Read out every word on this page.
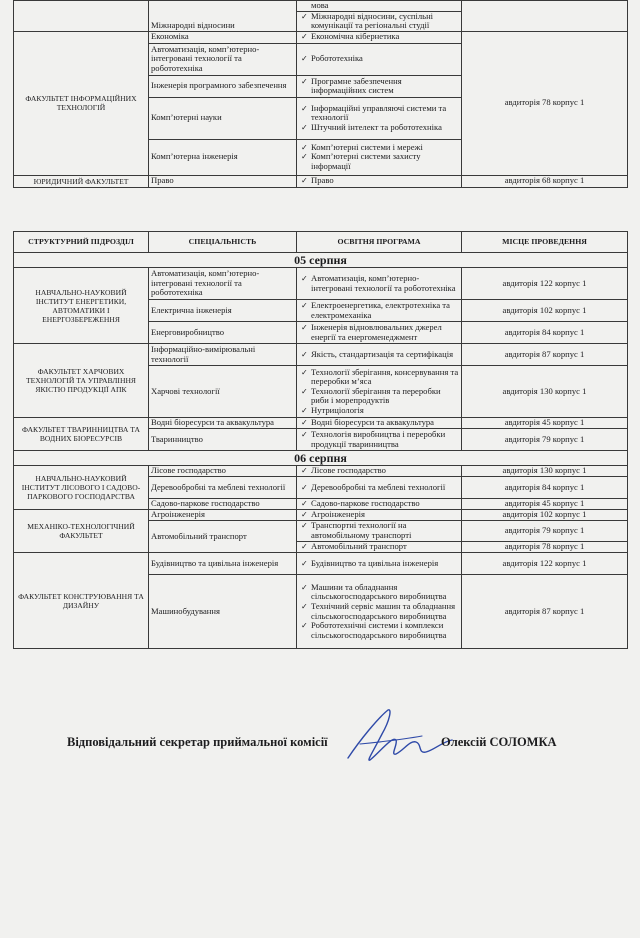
	Міжнародні відносини	мова	

		✓ Міжнародні відносини, суспільні комунікації та регіональні студії

ФАКУЛЬТЕТ ІНФОРМАЦІЙНИХ ТЕХНОЛОГІЙ	Економіка	✓ Економічна кібернетика	авдиторія 78 корпус 1
	Автоматизація, комп’ютерно-інтегровані технології та робототехніка	✓ Робототехніка

	Інженерія програмного забезпечення	✓ Програмне забезпечення інформаційних систем

	Комп’ютерні науки	✓ Інформаційні управляючі системи та технології
✓ Штучний інтелект та робототехніка

	Комп’ютерна інженерія	✓ Комп’ютерні системи і мережі
✓ Комп’ютерні системи захисту інформації

ЮРИДИЧНИЙ ФАКУЛЬТЕТ	Право	✓ Право	авдиторія 68 корпус 1
СТРУКТУРНИЙ ПІДРОЗДІЛ	СПЕЦІАЛЬНІСТЬ	ОСВІТНЯ ПРОГРАМА	МІСЦЕ ПРОВЕДЕННЯ
05 серпня			
НАВЧАЛЬНО-НАУКОВИЙ ІНСТИТУТ ЕНЕРГЕТИКИ, АВТОМАТИКИ І ЕНЕРГОЗБЕРЕЖЕННЯ	Автоматизація, комп’ютерно-інтегровані технології та робототехніка	✓ Автоматизація, комп’ютерно-інтегровані технології та робототехніка	авдиторія 122 корпус 1
	Електрична інженерія	✓ Електроенергетика, електротехніка та електромеханіка	авдиторія 102 корпус 1
	Енерговиробництво	✓ Інженерія відновлювальних джерел енергії та енергоменеджмент	авдиторія 84 корпус 1
ФАКУЛЬТЕТ ХАРЧОВИХ ТЕХНОЛОГІЙ ТА УПРАВЛІННЯ ЯКІСТЮ ПРОДУКЦІЇ АПК	Інформаційно-вимірювальні технології	✓ Якість, стандартизація та сертифікація	авдиторія 87 корпус 1
	Харчові технології	✓ Технології зберігання, консервування та переробки м’яса
✓ Технології зберігання та переробки риби і морепродуктів
✓ Нутриціологія	авдиторія 130 корпус 1
ФАКУЛЬТЕТ ТВАРИННИЦТВА ТА ВОДНИХ БІОРЕСУРСІВ	Водні біоресурси та аквакультура	✓ Водні біоресурси та аквакультура	авдиторія 45 корпус 1
	Тваринництво	✓ Технологія виробництва і переробки продукції тваринництва	авдиторія 79 корпус 1
06 серпня			
НАВЧАЛЬНО-НАУКОВИЙ ІНСТИТУТ ЛІСОВОГО І САДОВО-ПАРКОВОГО ГОСПОДАРСТВА	Лісове господарство	✓ Лісове господарство	авдиторія 130 корпус 1
	Деревообробні та меблеві технології	✓ Деревообробні та меблеві технології	авдиторія 84 корпус 1
	Садово-паркове господарство	✓ Садово-паркове господарство	авдиторія 45 корпус 1
МЕХАНІКО-ТЕХНОЛОГІЧНИЙ ФАКУЛЬТЕТ	Агроінженерія	✓ Агроінженерія	авдиторія 102 корпус 1
	Автомобільний транспорт	✓ Транспортні технології на автомобільному транспорті	авдиторія 79 корпус 1

		✓ Автомобільний транспорт	авдиторія 78 корпус 1
ФАКУЛЬТЕТ КОНСТРУЮВАННЯ ТА ДИЗАЙНУ	Будівництво та цивільна інженерія	✓ Будівництво та цивільна інженерія	авдиторія 122 корпус 1
	Машинобудування	✓ Машини та обладнання сільськогосподарського виробництва
✓ Технічний сервіс машин та обладнання сільськогосподарського виробництва
✓ Робототехнічні системи і комплекси сільськогосподарського виробництва	авдиторія 87 корпус 1
Відповідальний секретар приймальної комісії	Олексій СОЛОМКА
